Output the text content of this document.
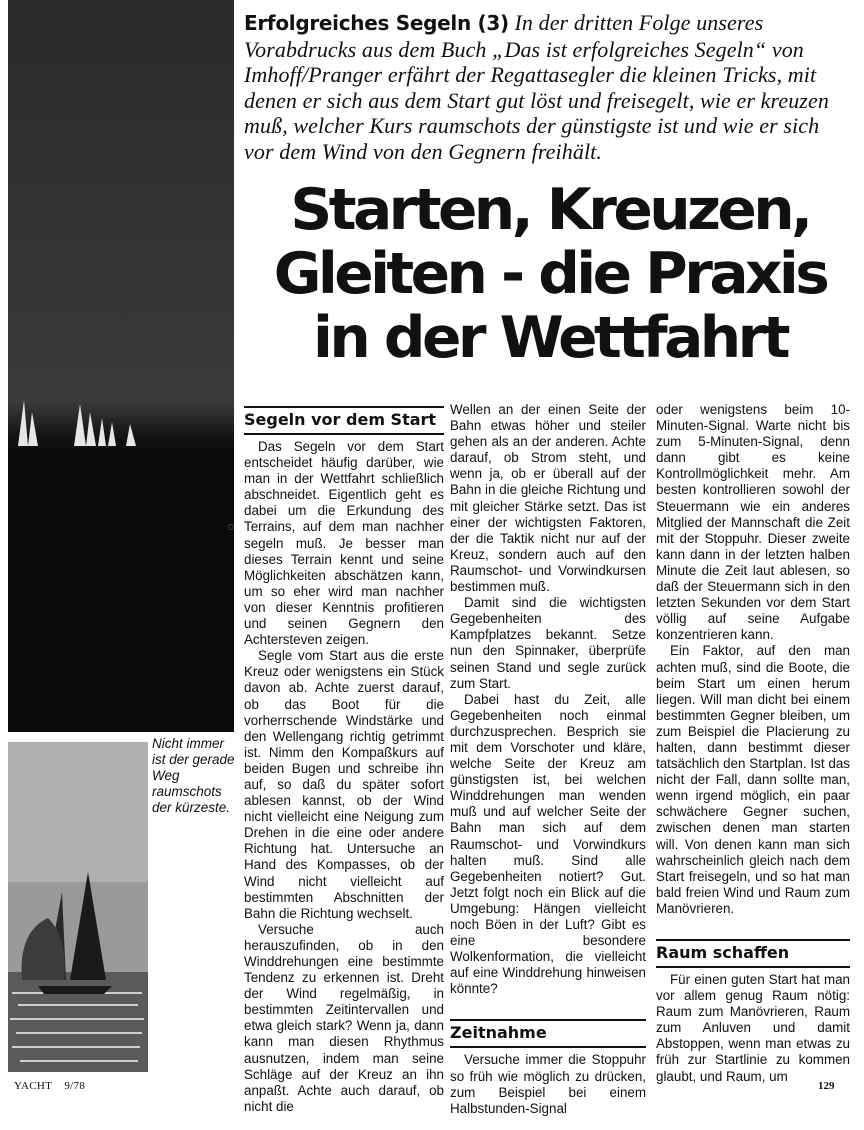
Nicht immer ist der gerade Weg raumschots der kürzeste.
Erfolgreiches Segeln (3) In der dritten Folge unseres Vorabdrucks aus dem Buch „Das ist erfolgreiches Segeln“ von Imhoff/Pranger erfährt der Regattasegler die kleinen Tricks, mit denen er sich aus dem Start gut löst und freisegelt, wie er kreuzen muß, welcher Kurs raumschots der günstigste ist und wie er sich vor dem Wind von den Gegnern freihält.
Starten, Kreuzen,
Gleiten - die Praxis
in der Wettfahrt
Segeln vor dem Start

Das Segeln vor dem Start entscheidet häufig darüber, wie man in der Wettfahrt schließlich abschneidet. Eigentlich geht es dabei um die Erkundung des Terrains, auf dem man nachher segeln muß. Je besser man dieses Terrain kennt und seine Möglichkeiten abschätzen kann, um so eher wird man nachher von dieser Kenntnis profitieren und seinen Gegnern den Achtersteven zeigen.

Segle vom Start aus die erste Kreuz oder wenigstens ein Stück davon ab. Achte zuerst darauf, ob das Boot für die vorherrschende Windstärke und den Wellengang richtig getrimmt ist. Nimm den Kompaßkurs auf beiden Bugen und schreibe ihn auf, so daß du später sofort ablesen kannst, ob der Wind nicht vielleicht eine Neigung zum Drehen in die eine oder andere Richtung hat. Untersuche an Hand des Kompasses, ob der Wind nicht vielleicht auf bestimmten Abschnitten der Bahn die Richtung wechselt.

Versuche auch herauszufinden, ob in den Winddrehungen eine bestimmte Tendenz zu erkennen ist. Dreht der Wind regelmäßig, in bestimmten Zeitintervallen und etwa gleich stark? Wenn ja, dann kann man diesen Rhythmus ausnutzen, indem man seine Schläge auf der Kreuz an ihn anpaßt. Achte auch darauf, ob nicht die

Wellen an der einen Seite der Bahn etwas höher und steiler gehen als an der anderen. Achte darauf, ob Strom steht, und wenn ja, ob er überall auf der Bahn in die gleiche Richtung und mit gleicher Stärke setzt. Das ist einer der wichtigsten Faktoren, der die Taktik nicht nur auf der Kreuz, sondern auch auf den Raumschot- und Vorwindkursen bestimmen muß.

Damit sind die wichtigsten Gegebenheiten des Kampfplatzes bekannt. Setze nun den Spinnaker, überprüfe seinen Stand und segle zurück zum Start.

Dabei hast du Zeit, alle Gegebenheiten noch einmal durchzusprechen. Besprich sie mit dem Vorschoter und kläre, welche Seite der Kreuz am günstigsten ist, bei welchen Winddrehungen man wenden muß und auf welcher Seite der Bahn man sich auf dem Raumschot- und Vorwindkurs halten muß. Sind alle Gegebenheiten notiert? Gut. Jetzt folgt noch ein Blick auf die Umgebung: Hängen vielleicht noch Böen in der Luft? Gibt es eine besondere Wolkenformation, die vielleicht auf eine Winddrehung hinweisen könnte?

Zeitnahme

Versuche immer die Stoppuhr so früh wie möglich zu drücken, zum Beispiel bei einem Halbstunden-Signal

oder wenigstens beim 10-Minuten-Signal. Warte nicht bis zum 5-Minuten-Signal, denn dann gibt es keine Kontrollmöglichkeit mehr. Am besten kontrollieren sowohl der Steuermann wie ein anderes Mitglied der Mannschaft die Zeit mit der Stoppuhr. Dieser zweite kann dann in der letzten halben Minute die Zeit laut ablesen, so daß der Steuermann sich in den letzten Sekunden vor dem Start völlig auf seine Aufgabe konzentrieren kann.

Ein Faktor, auf den man achten muß, sind die Boote, die beim Start um einen herum liegen. Will man dicht bei einem bestimmten Gegner bleiben, um zum Beispiel die Placierung zu halten, dann bestimmt dieser tatsächlich den Startplan. Ist das nicht der Fall, dann sollte man, wenn irgend möglich, ein paar schwächere Gegner suchen, zwischen denen man starten will. Von denen kann man sich wahrscheinlich gleich nach dem Start freisegeln, und so hat man bald freien Wind und Raum zum Manövrieren.

Raum schaffen

Für einen guten Start hat man vor allem genug Raum nötig: Raum zum Manövrieren, Raum zum Anluven und damit Abstoppen, wenn man etwas zu früh zur Startlinie zu kommen glaubt, und Raum, um

YACHT 9/78	129
